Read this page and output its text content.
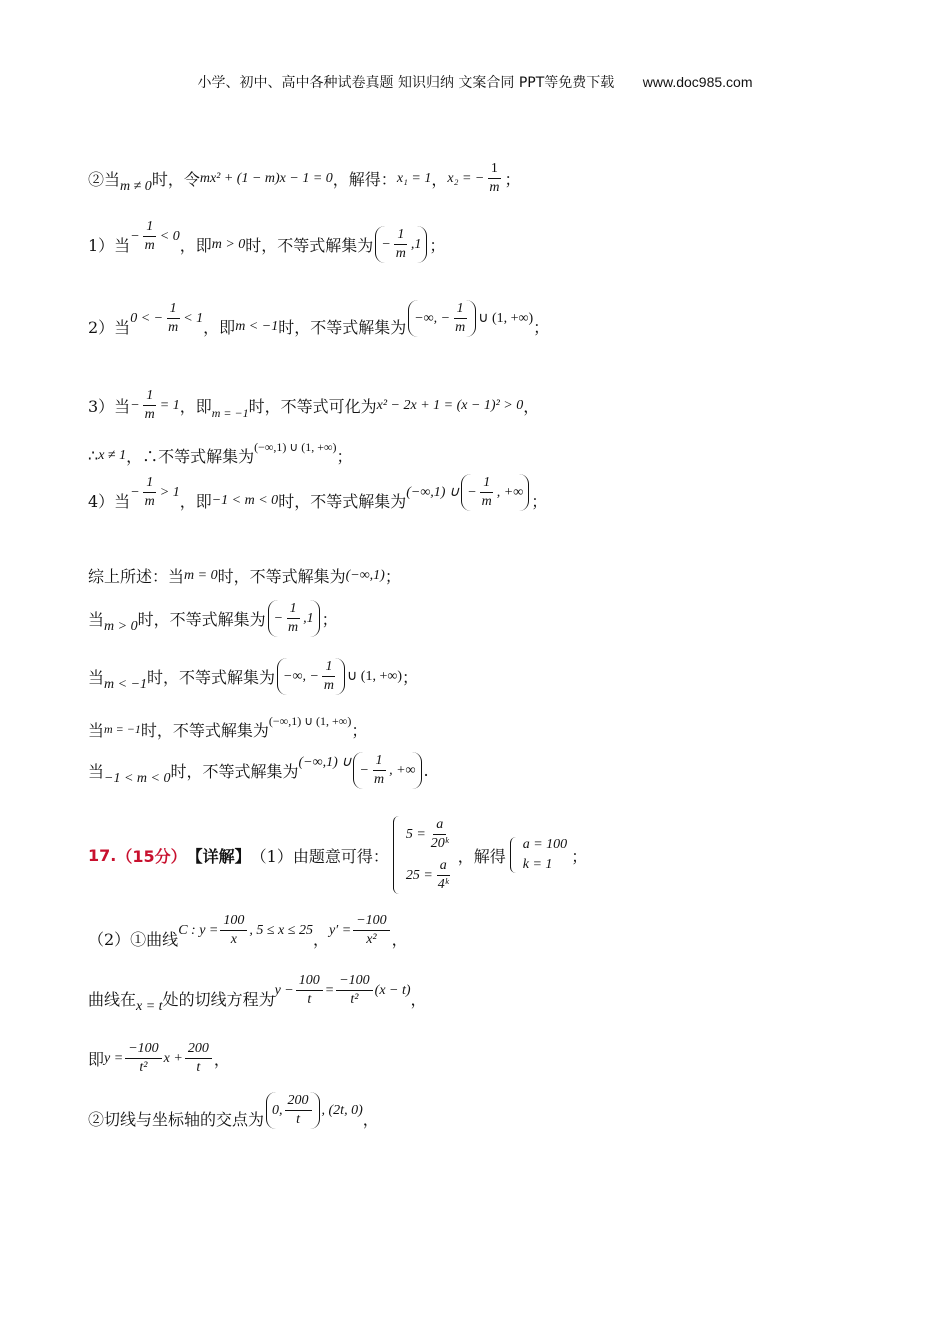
小学、初中、高中各种试卷真题 知识归纳 文案合同 PPT等免费下载 www.doc985.com
②当 m ≠ 0 时，令 mx² + (1 − m)x − 1 = 0 ，解得： x₁ = 1 ， x₂ = − $\frac{1}{m}$ ；
1）当 − $\frac{1}{m} < 0$ ，即 m > 0 时，不等式解集为 − $\frac{1}{m} ,1$ ；
2）当 0 < − $\frac{1}{m} < 1$ ，即 m < −1 时，不等式解集为 −∞, − $\frac{1}{m}$ ∪ (1, +∞) ；
3）当 − $\frac{1}{m} = 1$ ，即 m = −1 时，不等式可化为 x² − 2x + 1 = (x − 1)² > 0 ，
∴ x ≠ 1 ，∴不等式解集为 (−∞,1) ∪ (1, +∞) ；
4）当 − $\frac{1}{m} > 1$ ，即 −1 < m < 0 时，不等式解集为 (−∞,1) ∪ − $\frac{1}{m}$ , +∞ ；
综上所述：当 m = 0 时，不等式解集为 (−∞,1) ；
当 m > 0 时，不等式解集为 − $\frac{1}{m} ,1$ ；
当 m < −1 时，不等式解集为 −∞, − $\frac{1}{m}$ ∪ (1, +∞) ；
当 m = −1 时，不等式解集为 (−∞,1) ∪ (1, +∞) ；
当 −1 < m < 0 时，不等式解集为 (−∞,1) ∪ − $\frac{1}{m}$ , +∞ .
17. （15分） 【详解】 （1）由题意可得：
$5 = \frac{a}{\text{20ᵏ}}$
$25 = \frac{a}{\text{4ᵏ}}$
，解得
a = 100
k = 1	；
（2）①曲线 C : $y = \frac{100}{x}$ , 5 ≤ x ≤ 25 ， $y' = \frac{-100}{\text{x²}}$ ，
曲线在 x = t 处的切线方程为 $y - \frac{100}{t} = \frac{-100}{\text{t²}} (x - t)$ ，
即 $y = \frac{-100}{\text{t²}}$ $x + \frac{200}{t}$ ，
②切线与坐标轴的交点为 0, $\frac{200}{t}$ , (2t, 0) ，
